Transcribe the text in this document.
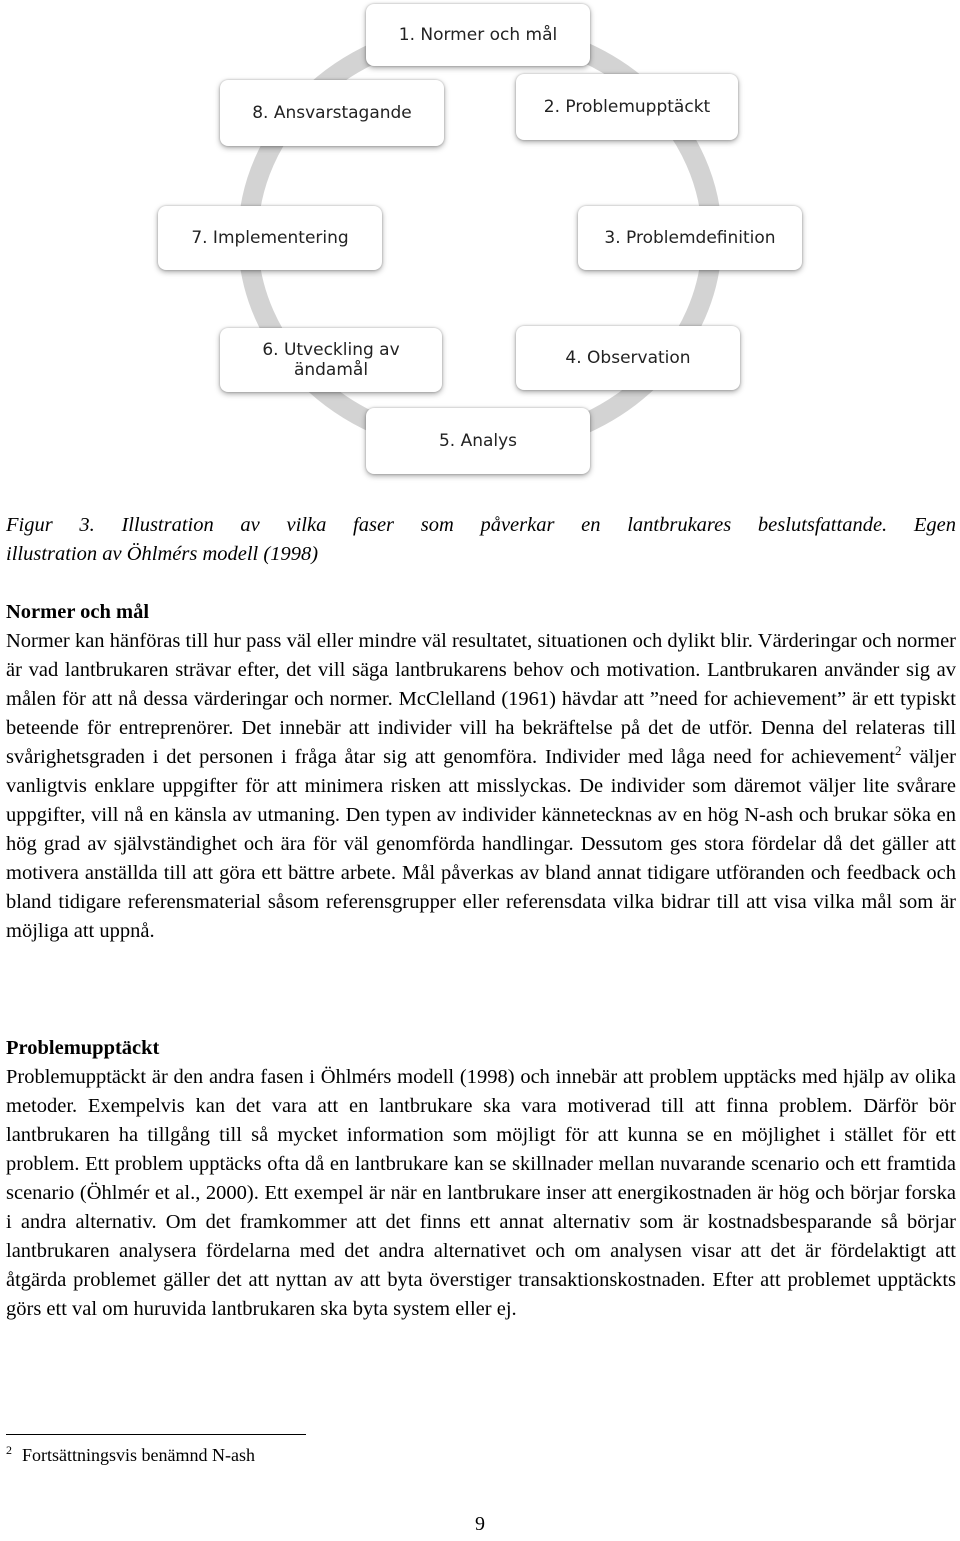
1. Normer och mål
2. Problemupptäckt
3. Problemdefinition
4. Observation
5. Analys
6. Utveckling av ändamål
7. Implementering
8. Ansvarstagande
Figur 3. Illustration av vilka faser som påverkar en lantbrukares beslutsfattande. Egen
illustration av Öhlmérs modell (1998)
Normer och mål
Normer kan hänföras till hur pass väl eller mindre väl resultatet, situationen och dylikt blir. Värderingar och normer är vad lantbrukaren strävar efter, det vill säga lantbrukarens behov och motivation. Lantbrukaren använder sig av målen för att nå dessa värderingar och normer. McClelland (1961) hävdar att ”need for achievement” är ett typiskt beteende för entreprenörer. Det innebär att individer vill ha bekräftelse på det de utför. Denna del relateras till svårighetsgraden i det personen i fråga åtar sig att genomföra. Individer med låga need for achievement$^2$ väljer vanligtvis enklare uppgifter för att minimera risken att misslyckas. De individer som däremot väljer lite svårare uppgifter, vill nå en känsla av utmaning. Den typen av individer kännetecknas av en hög N-ash och brukar söka en hög grad av självständighet och ära för väl genomförda handlingar. Dessutom ges stora fördelar då det gäller att motivera anställda till att göra ett bättre arbete. Mål påverkas av bland annat tidigare utföranden och feedback och bland tidigare referensmaterial såsom referensgrupper eller referensdata vilka bidrar till att visa vilka mål som är möjliga att uppnå.
Problemupptäckt
Problemupptäckt är den andra fasen i Öhlmérs modell (1998) och innebär att problem upptäcks med hjälp av olika metoder. Exempelvis kan det vara att en lantbrukare ska vara motiverad till att finna problem. Därför bör lantbrukaren ha tillgång till så mycket information som möjligt för att kunna se en möjlighet i stället för ett problem. Ett problem upptäcks ofta då en lantbrukare kan se skillnader mellan nuvarande scenario och ett framtida scenario (Öhlmér et al., 2000). Ett exempel är när en lantbrukare inser att energikostnaden är hög och börjar forska i andra alternativ. Om det framkommer att det finns ett annat alternativ som är kostnadsbesparande så börjar lantbrukaren analysera fördelarna med det andra alternativet och om analysen visar att det är fördelaktigt att åtgärda problemet gäller det att nyttan av att byta överstiger transaktionskostnaden. Efter att problemet upptäckts görs ett val om huruvida lantbrukaren ska byta system eller ej.
$^2$ Fortsättningsvis benämnd N-ash
9
